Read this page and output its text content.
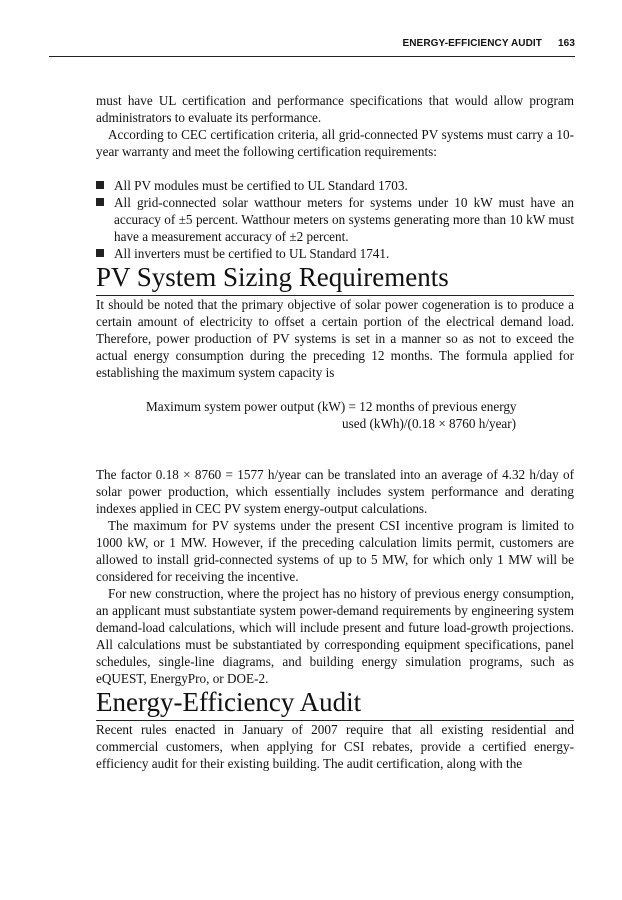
ENERGY-EFFICIENCY AUDIT 163

must have UL certification and performance specifications that would allow program administrators to evaluate its performance.

According to CEC certification criteria, all grid-connected PV systems must carry a 10-year warranty and meet the following certification requirements:

All PV modules must be certified to UL Standard 1703.
All grid-connected solar watthour meters for systems under 10 kW must have an accuracy of ±5 percent. Watthour meters on systems generating more than 10 kW must have a measurement accuracy of ±2 percent.
All inverters must be certified to UL Standard 1741.
PV System Sizing Requirements

It should be noted that the primary objective of solar power cogeneration is to produce a certain amount of electricity to offset a certain portion of the electrical demand load. Therefore, power production of PV systems is set in a manner so as not to exceed the actual energy consumption during the preceding 12 months. The formula applied for establishing the maximum system capacity is

Maximum system power output (kW) = 12 months of previous energy
used (kWh)/(0.18 × 8760 h/year)

The factor 0.18 × 8760 = 1577 h/year can be translated into an average of 4.32 h/day of solar power production, which essentially includes system performance and derating indexes applied in CEC PV system energy-output calculations.

The maximum for PV systems under the present CSI incentive program is limited to 1000 kW, or 1 MW. However, if the preceding calculation limits permit, customers are allowed to install grid-connected systems of up to 5 MW, for which only 1 MW will be considered for receiving the incentive.

For new construction, where the project has no history of previous energy consumption, an applicant must substantiate system power-demand requirements by engineering system demand-load calculations, which will include present and future load-growth projections. All calculations must be substantiated by corresponding equipment specifications, panel schedules, single-line diagrams, and building energy simulation programs, such as eQUEST, EnergyPro, or DOE-2.

Energy-Efficiency Audit

Recent rules enacted in January of 2007 require that all existing residential and commercial customers, when applying for CSI rebates, provide a certified energy-efficiency audit for their existing building. The audit certification, along with the
